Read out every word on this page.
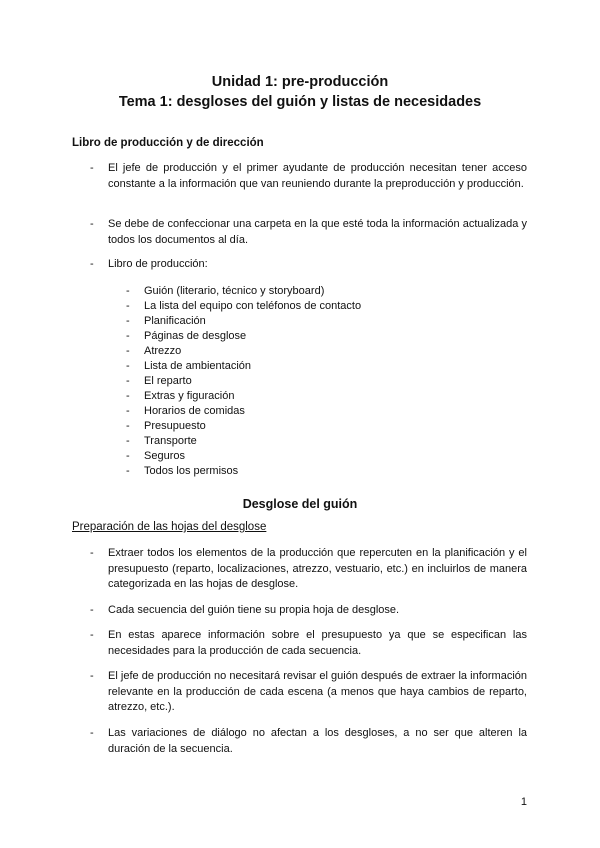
Unidad 1: pre-producción
Tema 1: desgloses del guión y listas de necesidades
Libro de producción y de dirección
- El jefe de producción y el primer ayudante de producción necesitan tener acceso constante a la información que van reuniendo durante la preproducción y producción.
- Se debe de confeccionar una carpeta en la que esté toda la información actualizada y todos los documentos al día.
- Libro de producción:
- Guión (literario, técnico y storyboard)
- La lista del equipo con teléfonos de contacto
- Planificación
- Páginas de desglose
- Atrezzo
- Lista de ambientación
- El reparto
- Extras y figuración
- Horarios de comidas
- Presupuesto
- Transporte
- Seguros
- Todos los permisos
Desglose del guión
Preparación de las hojas del desglose
- Extraer todos los elementos de la producción que repercuten en la planificación y el presupuesto (reparto, localizaciones, atrezzo, vestuario, etc.) en incluirlos de manera categorizada en las hojas de desglose.
- Cada secuencia del guión tiene su propia hoja de desglose.
- En estas aparece información sobre el presupuesto ya que se especifican las necesidades para la producción de cada secuencia.
- El jefe de producción no necesitará revisar el guión después de extraer la información relevante en la producción de cada escena (a menos que haya cambios de reparto, atrezzo, etc.).
- Las variaciones de diálogo no afectan a los desgloses, a no ser que alteren la duración de la secuencia.
1
